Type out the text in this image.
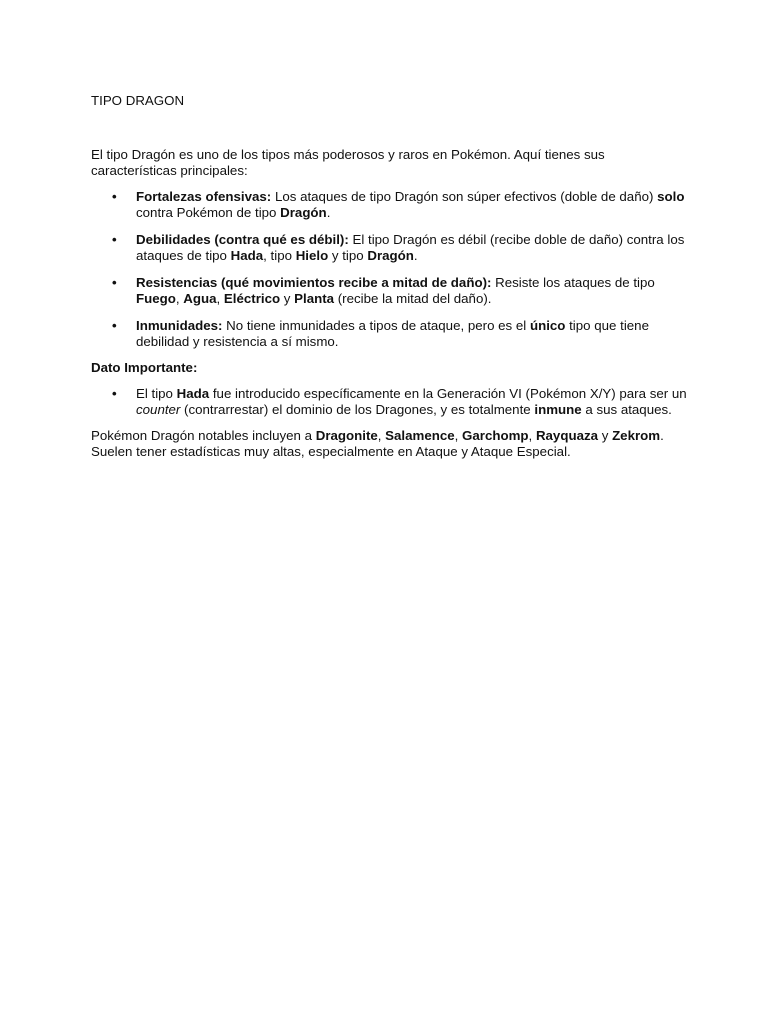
TIPO DRAGON

El tipo Dragón es uno de los tipos más poderosos y raros en Pokémon. Aquí tienes sus características principales:

• Fortalezas ofensivas: Los ataques de tipo Dragón son súper efectivos (doble de daño) solo contra Pokémon de tipo Dragón.
• Debilidades (contra qué es débil): El tipo Dragón es débil (recibe doble de daño) contra los ataques de tipo Hada, tipo Hielo y tipo Dragón.
• Resistencias (qué movimientos recibe a mitad de daño): Resiste los ataques de tipo Fuego, Agua, Eléctrico y Planta (recibe la mitad del daño).
• Inmunidades: No tiene inmunidades a tipos de ataque, pero es el único tipo que tiene debilidad y resistencia a sí mismo.

Dato Importante:

• El tipo Hada fue introducido específicamente en la Generación VI (Pokémon X/Y) para ser un counter (contrarrestar) el dominio de los Dragones, y es totalmente inmune a sus ataques.

Pokémon Dragón notables incluyen a Dragonite, Salamence, Garchomp, Rayquaza y Zekrom. Suelen tener estadísticas muy altas, especialmente en Ataque y Ataque Especial.
